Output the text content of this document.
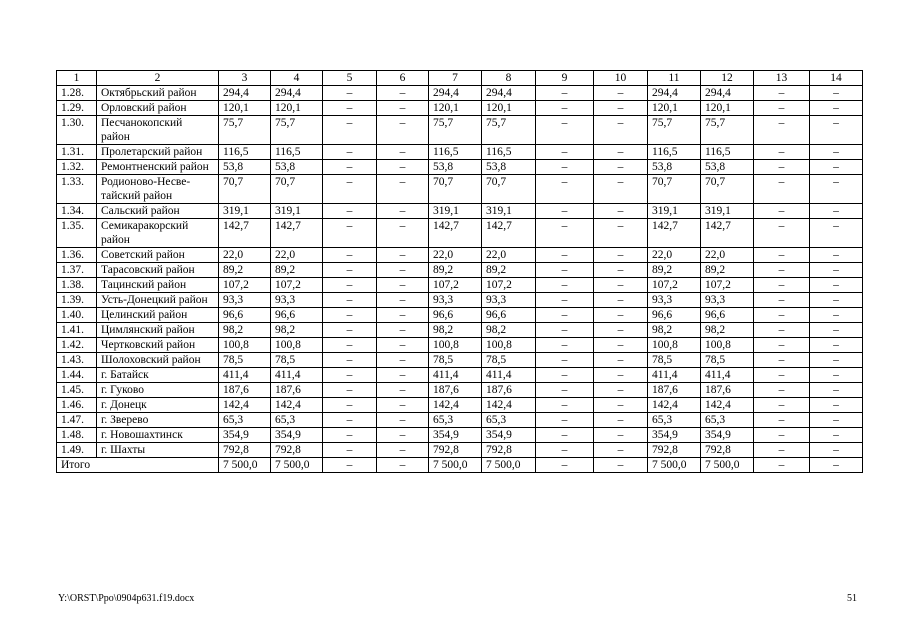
1	2	3	4	5	6	7	8	9	10	11	12	13	14
1.28.	Октябрьский район	294,4	294,4	–	–	294,4	294,4	–	–	294,4	294,4	–	–
1.29.	Орловский район	120,1	120,1	–	–	120,1	120,1	–	–	120,1	120,1	–	–
1.30.	Песчанокопский район	75,7	75,7	–	–	75,7	75,7	–	–	75,7	75,7	–	–
1.31.	Пролетарский район	116,5	116,5	–	–	116,5	116,5	–	–	116,5	116,5	–	–
1.32.	Ремонтненский район	53,8	53,8	–	–	53,8	53,8	–	–	53,8	53,8	–	–
1.33.	Родионово-Несве-тайский район	70,7	70,7	–	–	70,7	70,7	–	–	70,7	70,7	–	–
1.34.	Сальский район	319,1	319,1	–	–	319,1	319,1	–	–	319,1	319,1	–	–
1.35.	Семикаракорский район	142,7	142,7	–	–	142,7	142,7	–	–	142,7	142,7	–	–
1.36.	Советский район	22,0	22,0	–	–	22,0	22,0	–	–	22,0	22,0	–	–
1.37.	Тарасовский район	89,2	89,2	–	–	89,2	89,2	–	–	89,2	89,2	–	–
1.38.	Тацинский район	107,2	107,2	–	–	107,2	107,2	–	–	107,2	107,2	–	–
1.39.	Усть-Донецкий район	93,3	93,3	–	–	93,3	93,3	–	–	93,3	93,3	–	–
1.40.	Целинский район	96,6	96,6	–	–	96,6	96,6	–	–	96,6	96,6	–	–
1.41.	Цимлянский район	98,2	98,2	–	–	98,2	98,2	–	–	98,2	98,2	–	–
1.42.	Чертковский район	100,8	100,8	–	–	100,8	100,8	–	–	100,8	100,8	–	–
1.43.	Шолоховский район	78,5	78,5	–	–	78,5	78,5	–	–	78,5	78,5	–	–
1.44.	г. Батайск	411,4	411,4	–	–	411,4	411,4	–	–	411,4	411,4	–	–
1.45.	г. Гуково	187,6	187,6	–	–	187,6	187,6	–	–	187,6	187,6	–	–
1.46.	г. Донецк	142,4	142,4	–	–	142,4	142,4	–	–	142,4	142,4	–	–
1.47.	г. Зверево	65,3	65,3	–	–	65,3	65,3	–	–	65,3	65,3	–	–
1.48.	г. Новошахтинск	354,9	354,9	–	–	354,9	354,9	–	–	354,9	354,9	–	–
1.49.	г. Шахты	792,8	792,8	–	–	792,8	792,8	–	–	792,8	792,8	–	–
Итого		7 500,0	7 500,0	–	–	7 500,0	7 500,0	–	–	7 500,0	7 500,0	–	–
Y:\ORST\Ppo\0904p631.f19.docx	51
